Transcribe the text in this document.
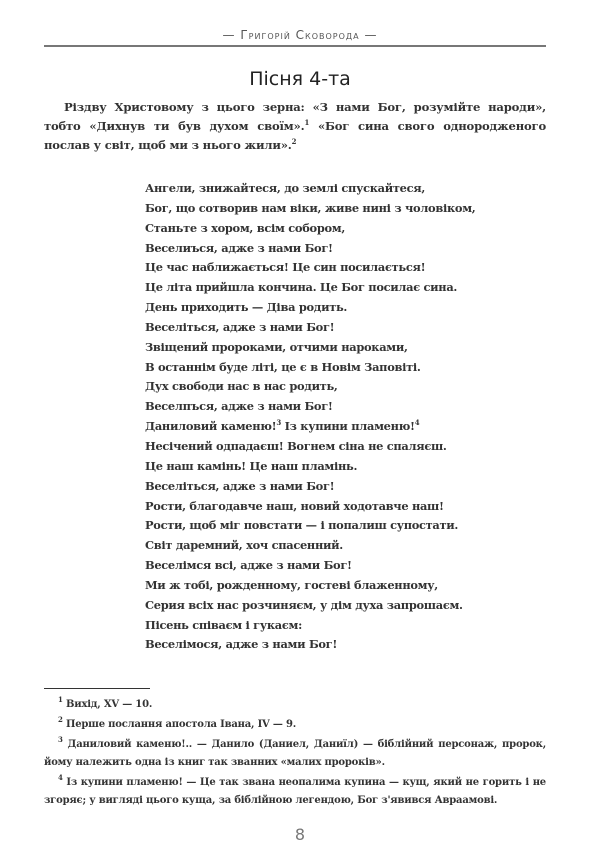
— Григорій Сковорода —
Пісня 4-та

Різдву Христовому з цього зерна: «З нами Бог, розумійте народи», тобто «Дихнув ти був духом своїм».$^1$ «Бог сина свого однородженого послав у світ, щоб ми з нього жили».$^2$

Ангели, знижайтеся, до землі спускайтеся,
Бог, що сотворив нам віки, живе нині з чоловіком,
Станьте з хором, всім собором,
Веселиъся, адже з нами Бог!
Це час наближається! Це син посилається!
Це літа прийшла кончина. Це Бог посилає сина.
День приходить — Діва родить.
Веселіться, адже з нами Бог!
Звіщений пророками, отчими нароками,
В останнім буде літі, це є в Новім Заповіті.
Дух свободи нас в нас родить,
Веселпъся, адже з нами Бог!
Даниловий каменю!$^3$ Із купини пламеню!$^4$
Несічений одпадаєш! Вогнем сіна не спаляєш.
Це наш камінь! Це наш пламінь.
Веселіться, адже з нами Бог!
Рости, благодавче наш, новий ходотавче наш!
Рости, щоб міг повстати — і попалиш супостати.
Світ даремний, хоч спасенний.
Веселімся всі, адже з нами Бог!
Ми ж тобі, рожденному, гостеві блаженному,
Серия всіх нас розчиняєм, у дім духа запрошаєм.
Пісень співаєм і гукаєм:
Веселімося, адже з нами Бог!
$^1$ Вихід, XV — 10.
$^2$ Перше послання апостола Івана, IV — 9.
$^3$ Даниловий каменю!.. — Данило (Даниел, Даниїл) — біблійний персонаж, пророк, йому належить одна із книг так званних «малих пророків».
$^4$ Із купини пламеню! — Це так звана неопалима купина — кущ, який не горить і не згоряє; у вигляді цього куща, за біблійною легендою, Бог з'явився Авраамові.
8
